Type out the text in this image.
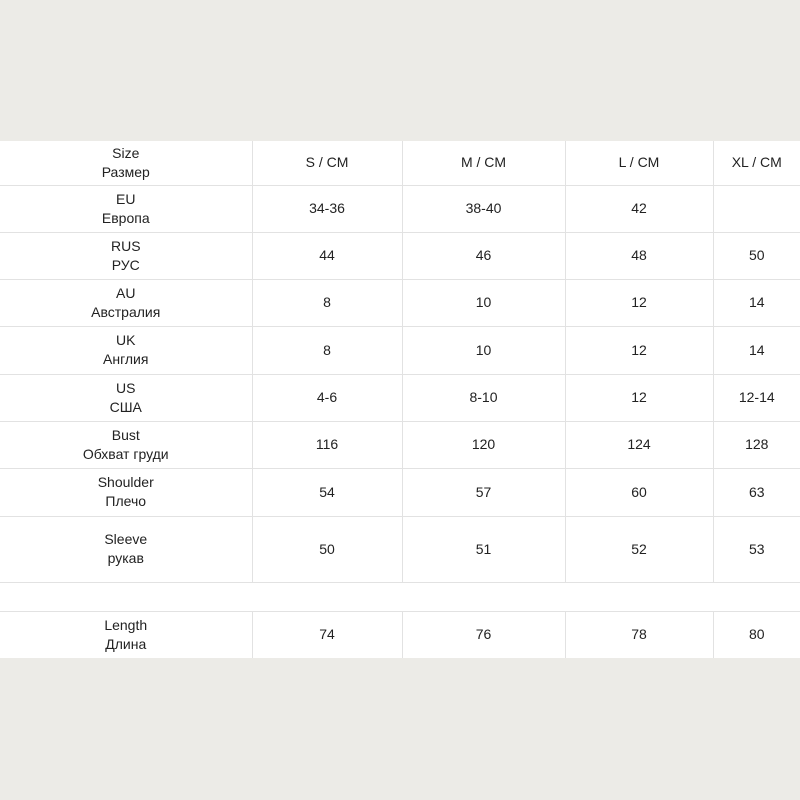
Size
Размер	S / CM	M / CM	L / CM	XL / CM

EU
Европа	34-36	38-40	42	

RUS
РУС	44	46	48	50

AU
Австралия	8	10	12	14

UK
Англия	8	10	12	14

US
США	4-6	8-10	12	12-14

Bust
Обхват груди	116	120	124	128

Shoulder
Плечо	54	57	60	63

Sleeve
рукав	50	51	52	53

Length
Длина	74	76	78	80
